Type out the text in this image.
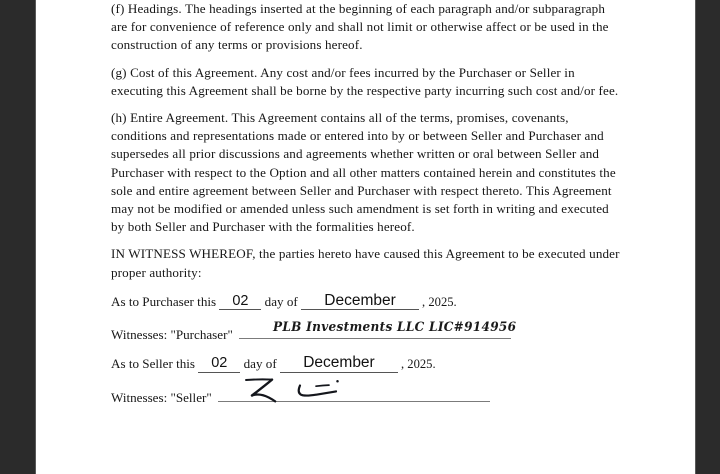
(f) Headings. The headings inserted at the beginning of each paragraph and/or subparagraph are for convenience of reference only and shall not limit or otherwise affect or be used in the construction of any terms or provisions hereof.

(g) Cost of this Agreement. Any cost and/or fees incurred by the Purchaser or Seller in executing this Agreement shall be borne by the respective party incurring such cost and/or fee.

(h) Entire Agreement. This Agreement contains all of the terms, promises, covenants, conditions and representations made or entered into by or between Seller and Purchaser and supersedes all prior discussions and agreements whether written or oral between Seller and Purchaser with respect to the Option and all other matters contained herein and constitutes the sole and entire agreement between Seller and Purchaser with respect thereto. This Agreement may not be modified or amended unless such amendment is set forth in writing and executed by both Seller and Purchaser with the formalities hereof.

IN WITNESS WHEREOF, the parties hereto have caused this Agreement to be executed under proper authority:

As to Purchaser this
	02
	day of
	December	, 2025.
Witnesses: "Purchaser"
PLB Investments LLC LIC#914956
As to Seller this
	02
	day of
	December	, 2025.
Witnesses: "Seller"
